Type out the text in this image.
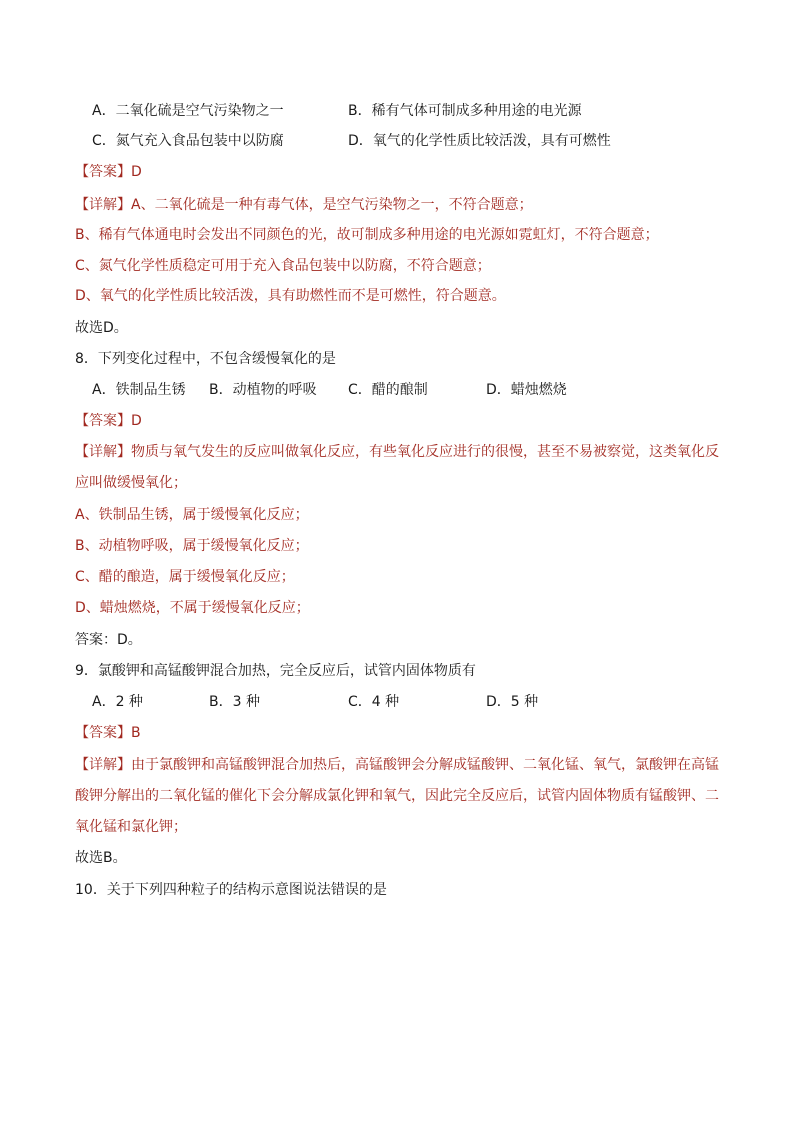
A．二氧化硫是空气污染物之一	B．稀有气体可制成多种用途的电光源
C．氮气充入食品包装中以防腐	D．氧气的化学性质比较活泼，具有可燃性
【答案】D
【详解】A、二氧化硫是一种有毒气体，是空气污染物之一，不符合题意；
B、稀有气体通电时会发出不同颜色的光，故可制成多种用途的电光源如霓虹灯，不符合题意；
C、氮气化学性质稳定可用于充入食品包装中以防腐，不符合题意；
D、氧气的化学性质比较活泼，具有助燃性而不是可燃性，符合题意。
故选D。
8．下列变化过程中，不包含缓慢氧化的是
A．铁制品生锈 B．动植物的呼吸 C．醋的酿制	D．蜡烛燃烧
【答案】D
【详解】物质与氧气发生的反应叫做氧化反应，有些氧化反应进行的很慢，甚至不易被察觉，这类氧化反
应叫做缓慢氧化；
A、铁制品生锈，属于缓慢氧化反应；
B、动植物呼吸，属于缓慢氧化反应；
C、醋的酿造，属于缓慢氧化反应；
D、蜡烛燃烧，不属于缓慢氧化反应；
答案：D。
9．氯酸钾和高锰酸钾混合加热，完全反应后，试管内固体物质有
A．2 种	B．3 种	C．4 种	D．5 种
【答案】B
【详解】由于氯酸钾和高锰酸钾混合加热后，高锰酸钾会分解成锰酸钾、二氧化锰、氧气，氯酸钾在高锰
酸钾分解出的二氧化锰的催化下会分解成氯化钾和氧气，因此完全反应后，试管内固体物质有锰酸钾、二
氧化锰和氯化钾；
故选B。
10．关于下列四种粒子的结构示意图说法错误的是
